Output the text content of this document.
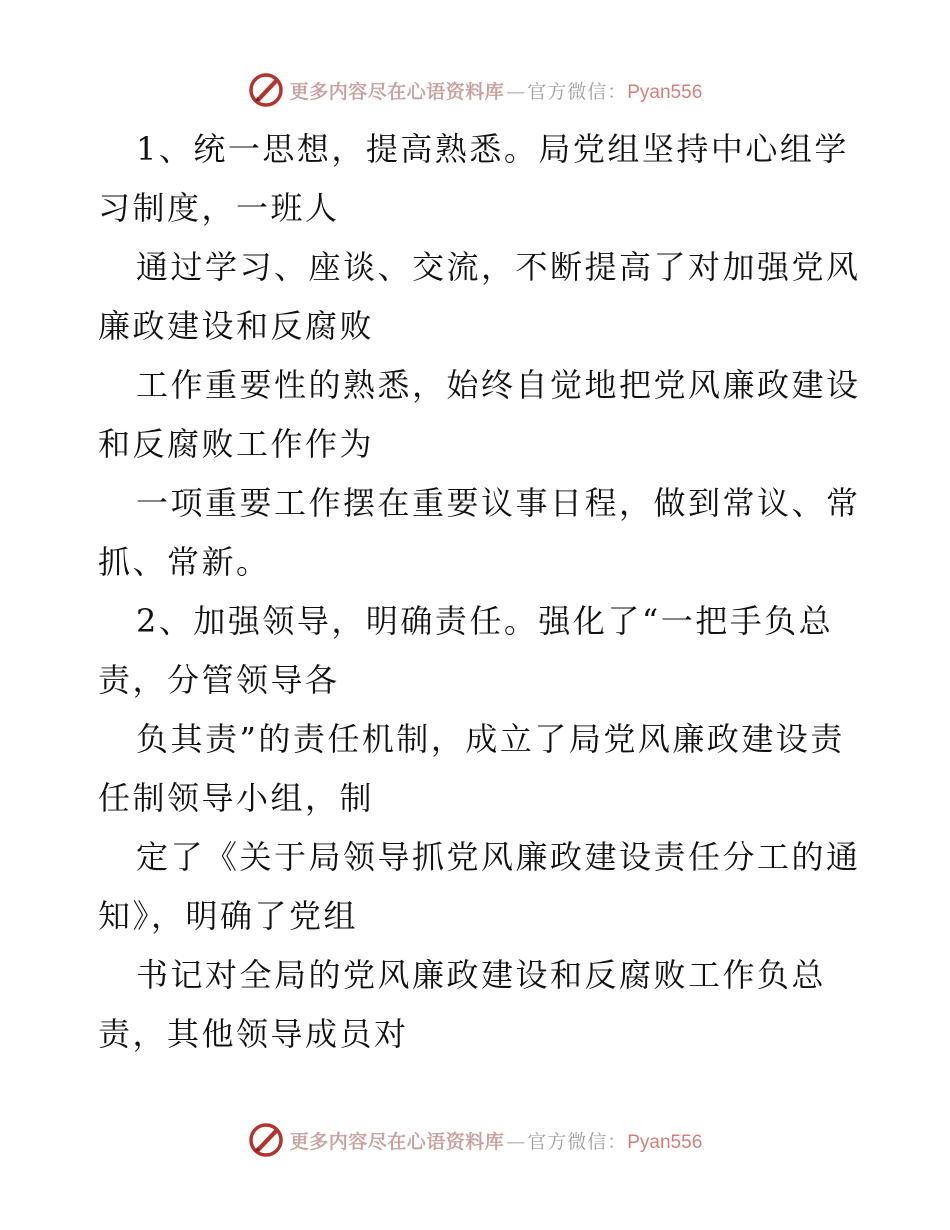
更多内容尽在心语资料库 — 官方微信： Pyan556
1、统一思想，提高熟悉。局党组坚持中心组学
习制度，一班人
通过学习、座谈、交流，不断提高了对加强党风
廉政建设和反腐败
工作重要性的熟悉，始终自觉地把党风廉政建设
和反腐败工作作为
一项重要工作摆在重要议事日程，做到常议、常
抓、常新。
2、加强领导，明确责任。强化了“一把手负总
责，分管领导各
负其责”的责任机制，成立了局党风廉政建设责
任制领导小组，制
定了《关于局领导抓党风廉政建设责任分工的通
知》，明确了党组
书记对全局的党风廉政建设和反腐败工作负总
责，其他领导成员对
更多内容尽在心语资料库 — 官方微信： Pyan556
